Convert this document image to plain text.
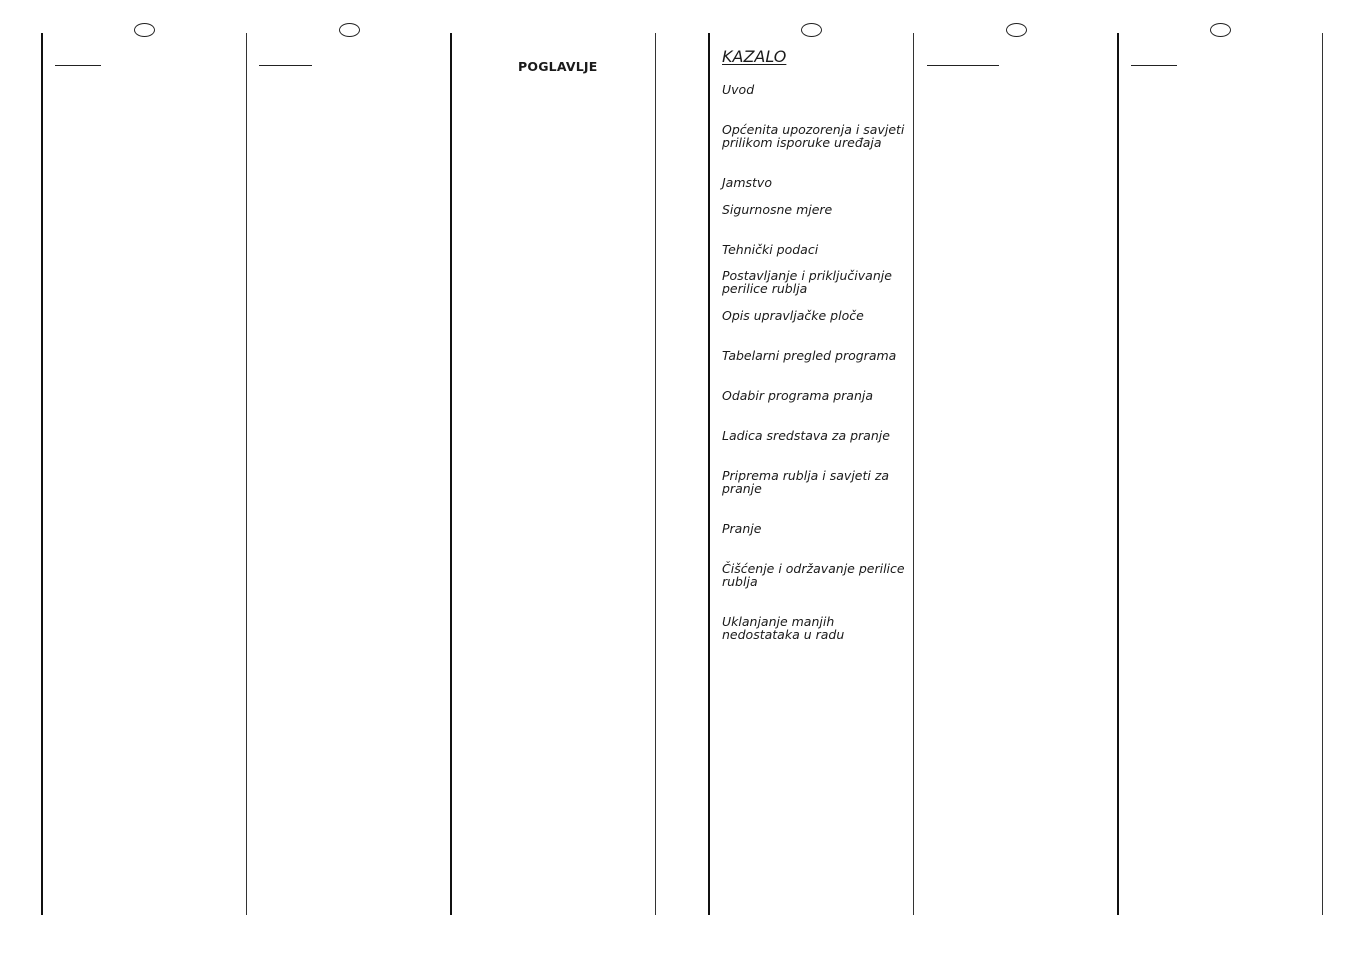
POGLAVLJE
KAZALO
Uvod
Općenita upozorenja i savjeti prilikom isporuke uređaja
Jamstvo
Sigurnosne mjere
Tehnički podaci
Postavljanje i priključivanje perilice rublja
Opis upravljačke ploče
Tabelarni pregled programa
Odabir programa pranja
Ladica sredstava za pranje
Priprema rublja i savjeti za pranje
Pranje
Čišćenje i održavanje perilice rublja
Uklanjanje manjih nedostataka u radu
